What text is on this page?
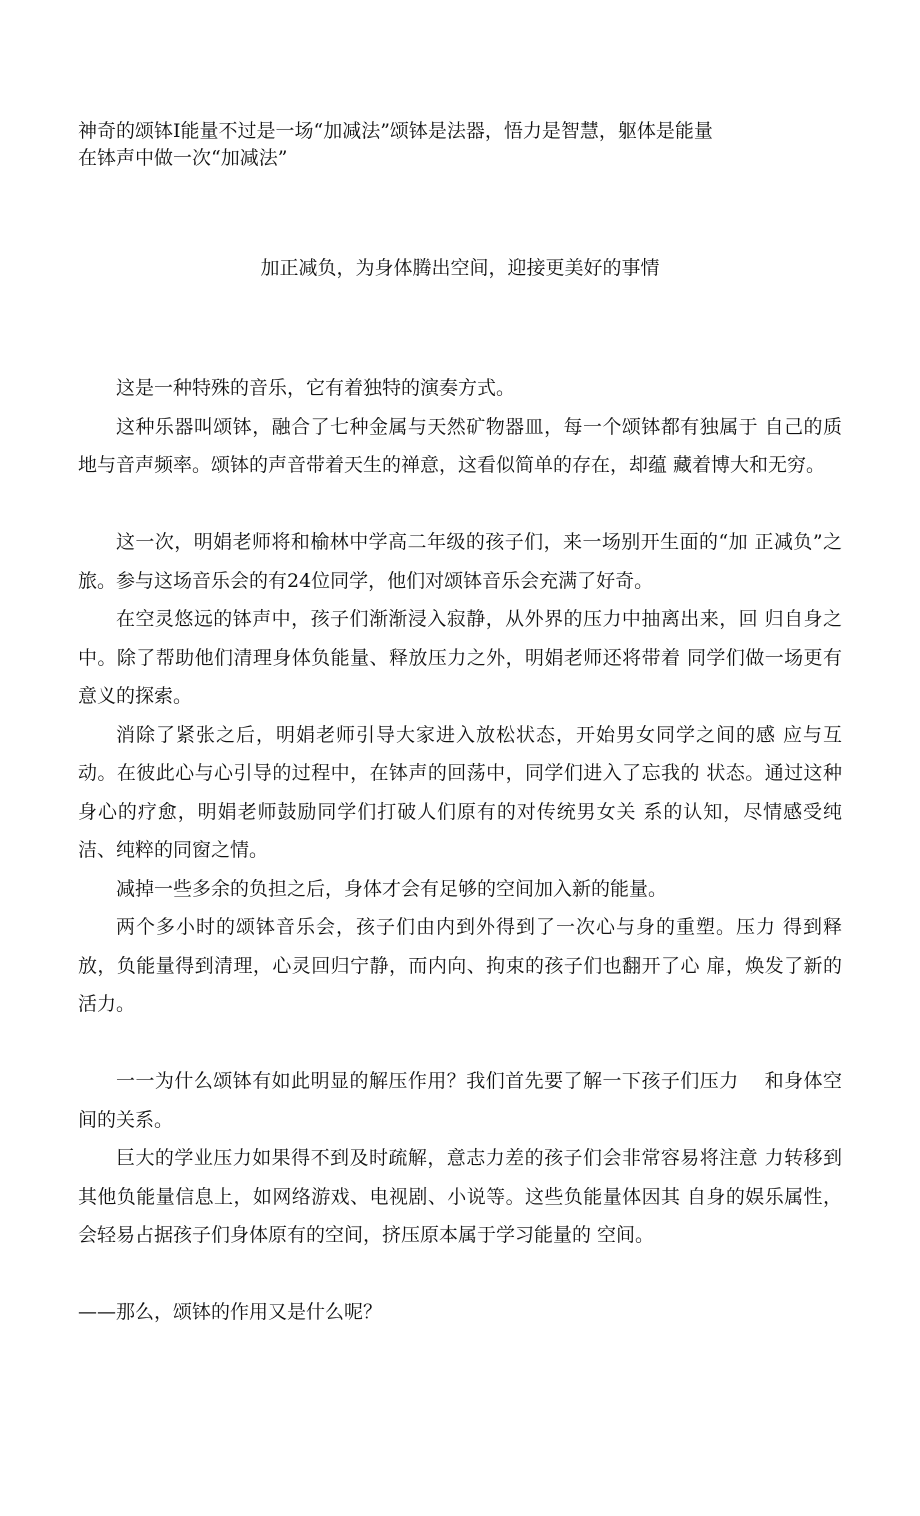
神奇的颂钵I能量不过是一场“加减法”颂钵是法器，悟力是智慧，躯体是能量
在钵声中做一次“加减法”
加正减负，为身体腾出空间，迎接更美好的事情

这是一种特殊的音乐，它有着独特的演奏方式。

这种乐器叫颂钵，融合了七种金属与天然矿物器皿，每一个颂钵都有独属于 自己的质地与音声频率。颂钵的声音带着天生的禅意，这看似简单的存在，却蕴 藏着博大和无穷。

这一次，明娟老师将和榆林中学高二年级的孩子们，来一场别开生面的“加 正减负”之旅。参与这场音乐会的有24位同学，他们对颂钵音乐会充满了好奇。

在空灵悠远的钵声中，孩子们渐渐浸入寂静，从外界的压力中抽离出来，回 归自身之中。除了帮助他们清理身体负能量、释放压力之外，明娟老师还将带着 同学们做一场更有意义的探索。

消除了紧张之后，明娟老师引导大家进入放松状态，开始男女同学之间的感 应与互动。在彼此心与心引导的过程中，在钵声的回荡中，同学们进入了忘我的 状态。通过这种身心的疗愈，明娟老师鼓励同学们打破人们原有的对传统男女关 系的认知，尽情感受纯洁、纯粹的同窗之情。

减掉一些多余的负担之后，身体才会有足够的空间加入新的能量。

两个多小时的颂钵音乐会，孩子们由内到外得到了一次心与身的重塑。压力 得到释放，负能量得到清理，心灵回归宁静，而内向、拘束的孩子们也翻开了心 扉，焕发了新的活力。

一一为什么颂钵有如此明显的解压作用？我们首先要了解一下孩子们压力　 和身体空间的关系。

巨大的学业压力如果得不到及时疏解，意志力差的孩子们会非常容易将注意 力转移到其他负能量信息上，如网络游戏、电视剧、小说等。这些负能量体因其 自身的娱乐属性，会轻易占据孩子们身体原有的空间，挤压原本属于学习能量的 空间。

——那么，颂钵的作用又是什么呢？
